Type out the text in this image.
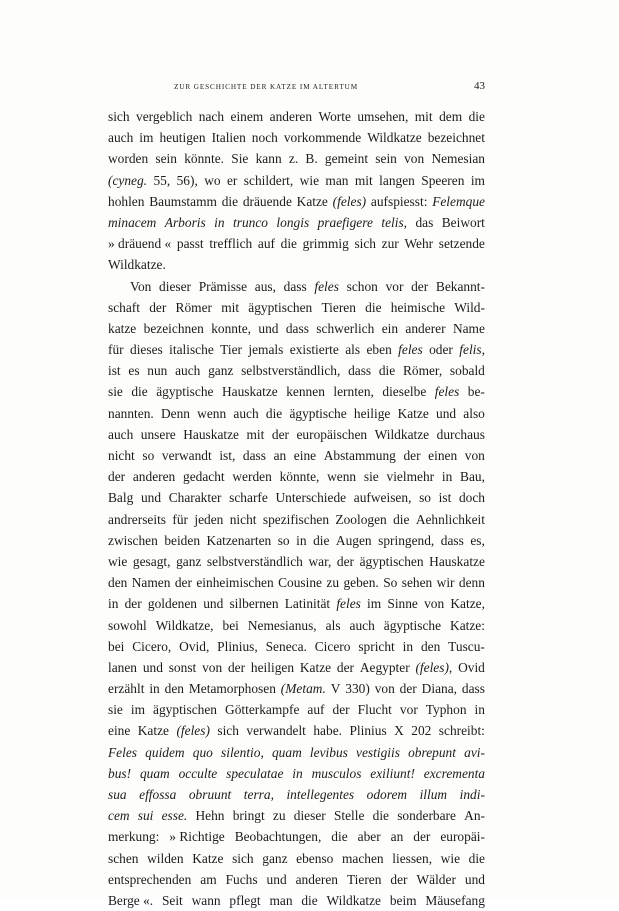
ZUR GESCHICHTE DER KATZE IM ALTERTUM	43
sich vergeblich nach einem anderen Worte umsehen, mit dem die
auch im heutigen Italien noch vorkommende Wildkatze bezeichnet
worden sein könnte. Sie kann z. B. gemeint sein von Nemesian
(cyneg. 55, 56), wo er schildert, wie man mit langen Speeren im
hohlen Baumstamm die dräuende Katze (feles) aufspiesst: Felemque
minacem Arboris in trunco longis praefigere telis, das Beiwort
» dräuend « passt trefflich auf die grimmig sich zur Wehr setzende
Wildkatze.
Von dieser Prämisse aus, dass feles schon vor der Bekannt-
schaft der Römer mit ägyptischen Tieren die heimische Wild-
katze bezeichnen konnte, und dass schwerlich ein anderer Name
für dieses italische Tier jemals existierte als eben feles oder felis,
ist es nun auch ganz selbstverständlich, dass die Römer, sobald
sie die ägyptische Hauskatze kennen lernten, dieselbe feles be-
nannten. Denn wenn auch die ägyptische heilige Katze und also
auch unsere Hauskatze mit der europäischen Wildkatze durchaus
nicht so verwandt ist, dass an eine Abstammung der einen von
der anderen gedacht werden könnte, wenn sie vielmehr in Bau,
Balg und Charakter scharfe Unterschiede aufweisen, so ist doch
andrerseits für jeden nicht spezifischen Zoologen die Aehnlichkeit
zwischen beiden Katzenarten so in die Augen springend, dass es,
wie gesagt, ganz selbstverständlich war, der ägyptischen Hauskatze
den Namen der einheimischen Cousine zu geben. So sehen wir denn
in der goldenen und silbernen Latinität feles im Sinne von Katze,
sowohl Wildkatze, bei Nemesianus, als auch ägyptische Katze:
bei Cicero, Ovid, Plinius, Seneca. Cicero spricht in den Tuscu-
lanen und sonst von der heiligen Katze der Aegypter (feles), Ovid
erzählt in den Metamorphosen (Metam. V 330) von der Diana, dass
sie im ägyptischen Götterkampfe auf der Flucht vor Typhon in
eine Katze (feles) sich verwandelt habe. Plinius X 202 schreibt:
Feles quidem quo silentio, quam levibus vestigiis obrepunt avi-
bus! quam occulte speculatae in musculos exiliunt! excrementa
sua effossa obruunt terra, intellegentes odorem illum indi-
cem sui esse. Hehn bringt zu dieser Stelle die sonderbare An-
merkung: » Richtige Beobachtungen, die aber an der europäi-
schen wilden Katze sich ganz ebenso machen liessen, wie die
entsprechenden am Fuchs und anderen Tieren der Wälder und
Berge «. Seit wann pflegt man die Wildkatze beim Mäusefang
